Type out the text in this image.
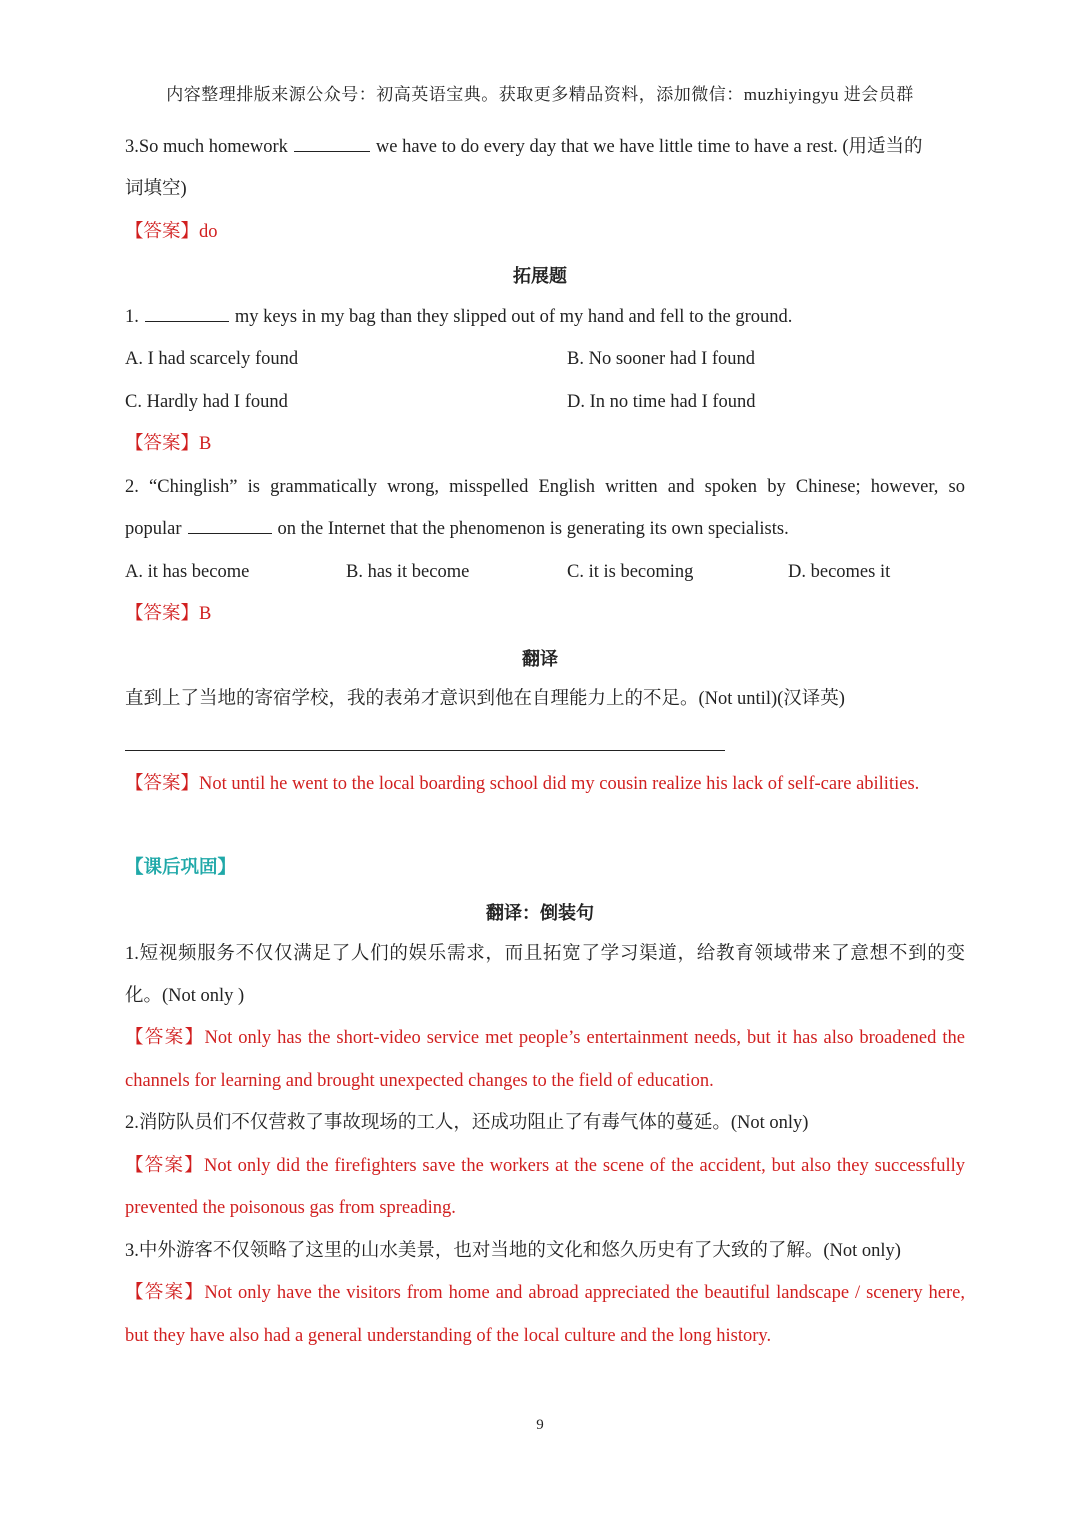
内容整理排版来源公众号：初高英语宝典。获取更多精品资料，添加微信：muzhiyingyu 进会员群
3.So much homework	we have to do every day that we have little time to have a rest. (用适当的
词填空)
【答案】do
拓展题
1.	my keys in my bag than they slipped out of my hand and fell to the ground.
A. I had scarcely found	B. No sooner had I found
C. Hardly had I found	D. In no time had I found
【答案】B
2. “Chinglish” is grammatically wrong, misspelled English written and spoken by Chinese; however, so
popular	on the Internet that the phenomenon is generating its own specialists.
A. it has become	B. has it become	C. it is becoming	D. becomes it
【答案】B
翻译
直到上了当地的寄宿学校，我的表弟才意识到他在自理能力上的不足。(Not until)(汉译英)
【答案】Not until he went to the local boarding school did my cousin realize his lack of self-care abilities.
【课后巩固】
翻译：倒装句
1.短视频服务不仅仅满足了人们的娱乐需求，而且拓宽了学习渠道，给教育领域带来了意想不到的变
化。(Not only )
【答案】Not only has the short-video service met people’s entertainment needs, but it has also broadened the
channels for learning and brought unexpected changes to the field of education.
2.消防队员们不仅营救了事故现场的工人，还成功阻止了有毒气体的蔓延。(Not only)
【答案】Not only did the firefighters save the workers at the scene of the accident, but also they successfully
prevented the poisonous gas from spreading.
3.中外游客不仅领略了这里的山水美景，也对当地的文化和悠久历史有了大致的了解。(Not only)
【答案】Not only have the visitors from home and abroad appreciated the beautiful landscape / scenery here,
but they have also had a general understanding of the local culture and the long history.
9
